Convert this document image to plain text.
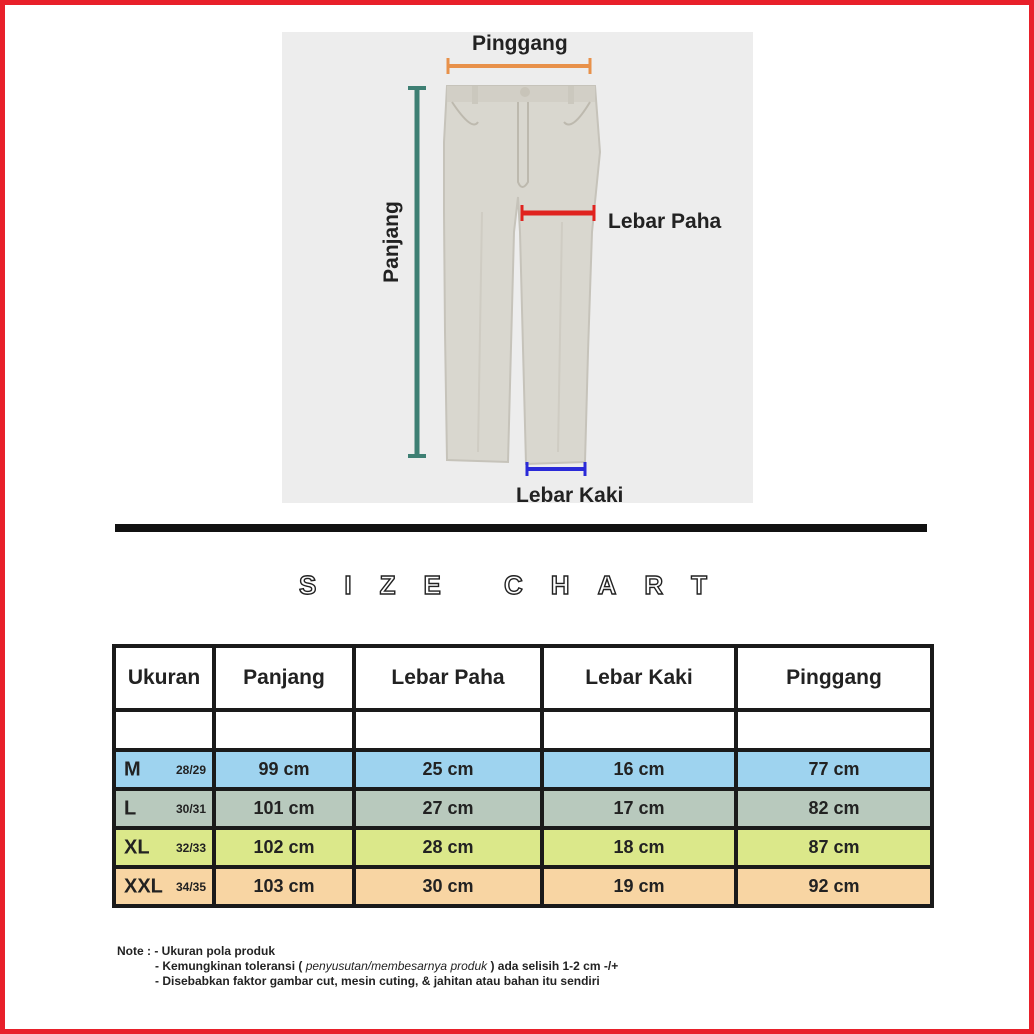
Pinggang
Lebar Paha
Lebar Kaki
Panjang
SIZE CHART
Ukuran	Panjang	Lebar Paha	Lebar Kaki	Pinggang

M 28/29	99 cm	25 cm	16 cm	77 cm

L 30/31	101 cm	27 cm	17 cm	82 cm

XL 32/33	102 cm	28 cm	18 cm	87 cm

XXL 34/35	103 cm	30 cm	19 cm	92 cm
Note : - Ukuran pola produk
- Kemungkinan toleransi ( penyusutan/membesarnya produk ) ada selisih 1-2 cm -/+
- Disebabkan faktor gambar cut, mesin cuting, & jahitan atau bahan itu sendiri
